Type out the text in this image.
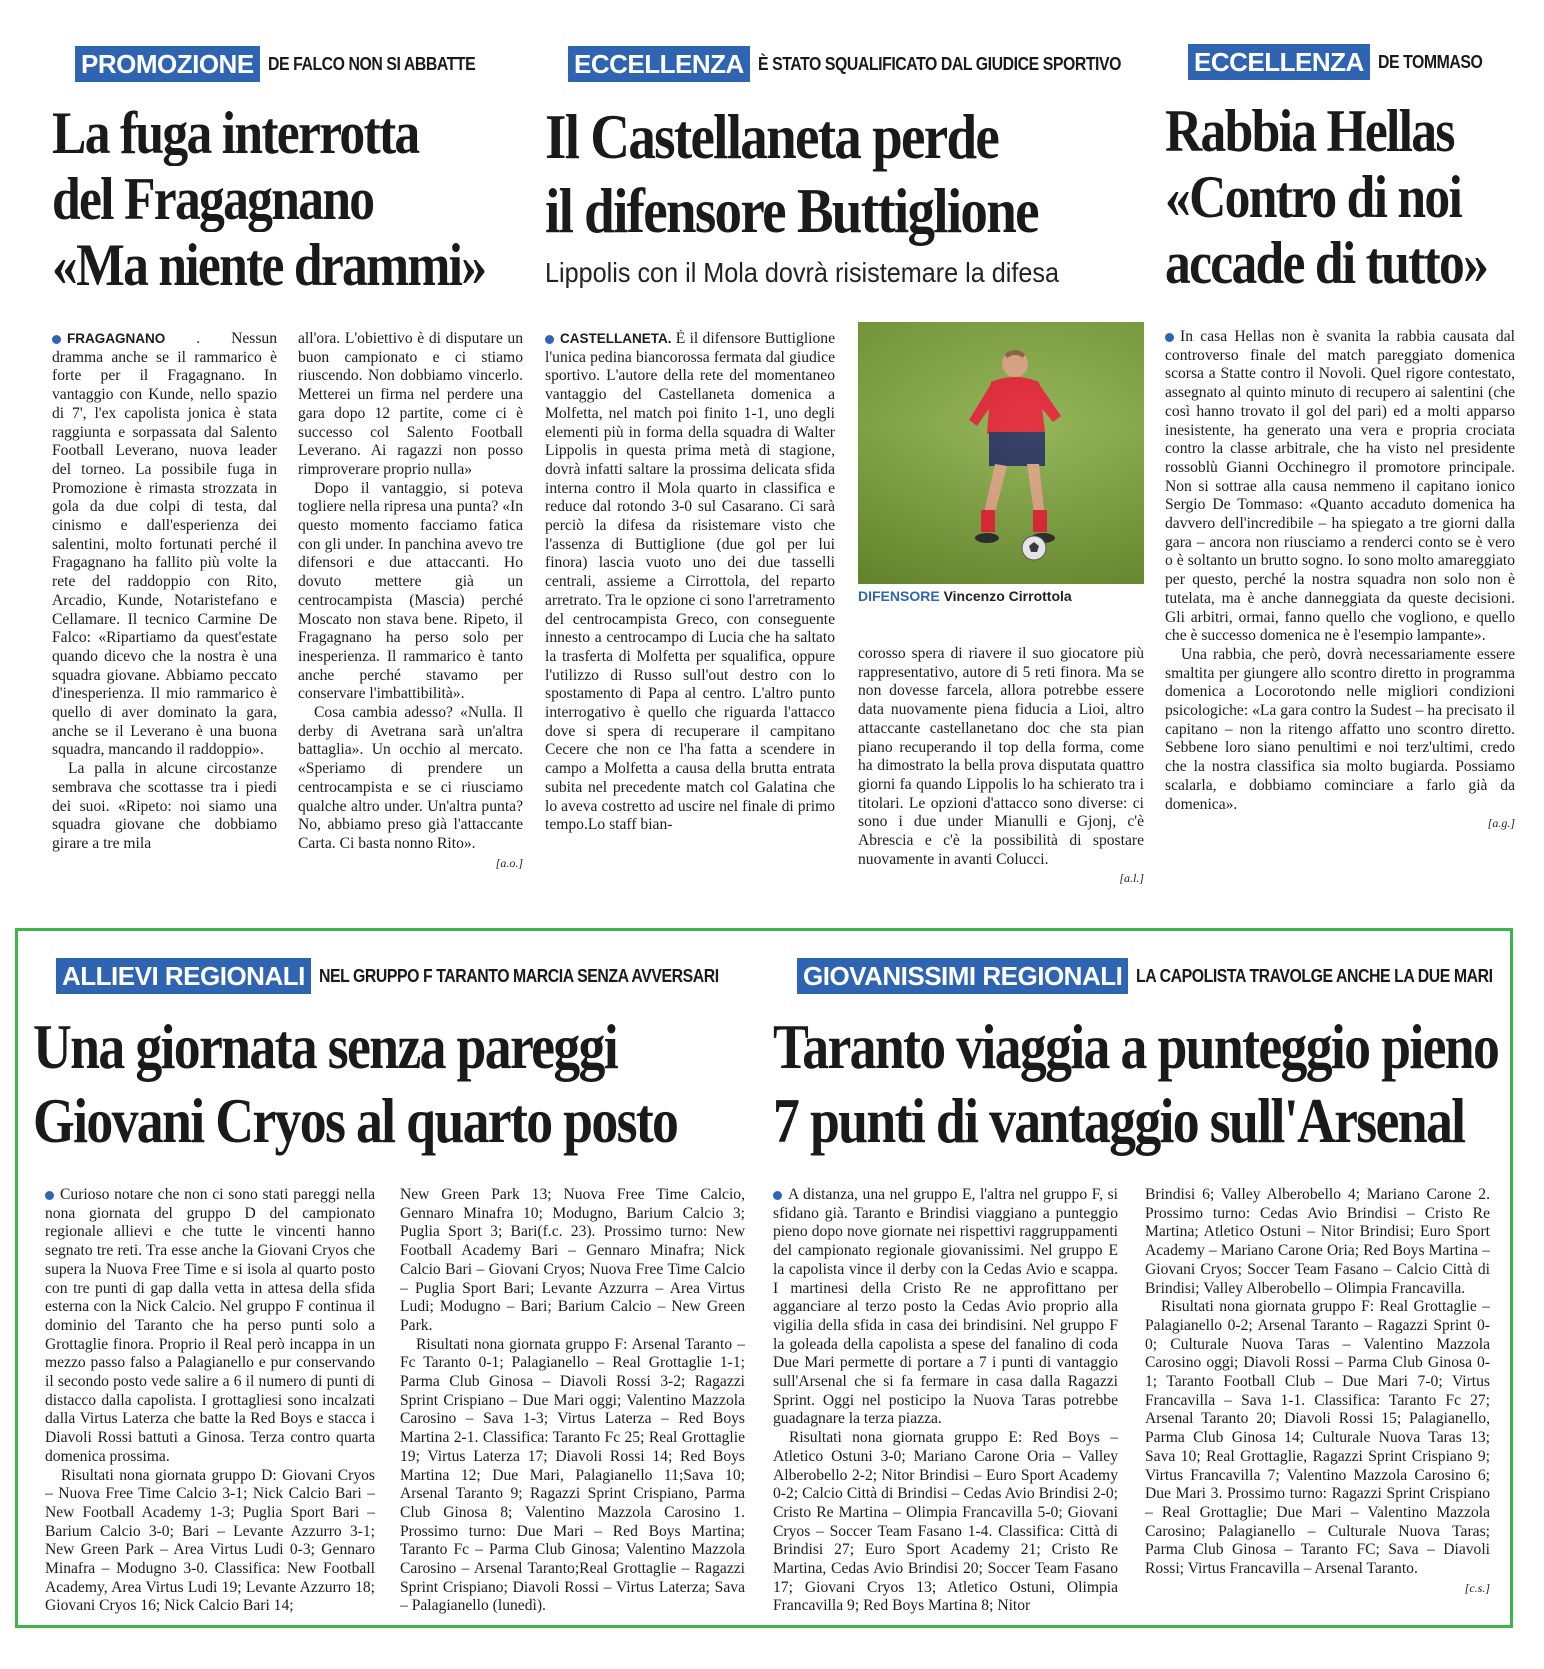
PROMOZIONE DE FALCO NON SI ABBATTE
La fuga interrotta
del Fragagnano
«Ma niente drammi»

FRAGAGNANO . Nessun dramma anche se il rammarico è forte per il Fragagnano. In vantaggio con Kunde, nello spazio di 7', l'ex capolista jonica è stata raggiunta e sorpassata dal Salento Football Leverano, nuova leader del torneo. La possibile fuga in Promozione è rimasta strozzata in gola da due colpi di testa, dal cinismo e dall'esperienza dei salentini, molto fortunati perché il Fragagnano ha fallito più volte la rete del raddoppio con Rito, Arcadio, Kunde, Notaristefano e Cellamare. Il tecnico Carmine De Falco: «Ripartiamo da quest'estate quando dicevo che la nostra è una squadra giovane. Abbiamo peccato d'inesperienza. Il mio rammarico è quello di aver dominato la gara, anche se il Leverano è una buona squadra, mancando il raddoppio».

La palla in alcune circostanze sembrava che scottasse tra i piedi dei suoi. «Ripeto: noi siamo una squadra giovane che dobbiamo girare a tre mila

all'ora. L'obiettivo è di disputare un buon campionato e ci stiamo riuscendo. Non dobbiamo vincerlo. Metterei un firma nel perdere una gara dopo 12 partite, come ci è successo col Salento Football Leverano. Ai ragazzi non posso rimproverare proprio nulla»

Dopo il vantaggio, si poteva togliere nella ripresa una punta? «In questo momento facciamo fatica con gli under. In panchina avevo tre difensori e due attaccanti. Ho dovuto mettere già un centrocampista (Mascia) perché Moscato non stava bene. Ripeto, il Fragagnano ha perso solo per inesperienza. Il rammarico è tanto anche perché stavamo per conservare l'imbattibilità».

Cosa cambia adesso? «Nulla. Il derby di Avetrana sarà un'altra battaglia». Un occhio al mercato. «Speriamo di prendere un centrocampista e se ci riusciamo qualche altro under. Un'altra punta? No, abbiamo preso già l'attaccante Carta. Ci basta nonno Rito».

[a.o.]
ECCELLENZA È STATO SQUALIFICATO DAL GIUDICE SPORTIVO
Il Castellaneta perde
il difensore Buttiglione
Lippolis con il Mola dovrà risistemare la difesa

CASTELLANETA. È il difensore Buttiglione l'unica pedina biancorossa fermata dal giudice sportivo. L'autore della rete del momentaneo vantaggio del Castellaneta domenica a Molfetta, nel match poi finito 1-1, uno degli elementi più in forma della squadra di Walter Lippolis in questa prima metà di stagione, dovrà infatti saltare la prossima delicata sfida interna contro il Mola quarto in classifica e reduce dal rotondo 3-0 sul Casarano. Ci sarà perciò la difesa da risistemare visto che l'assenza di Buttiglione (due gol per lui finora) lascia vuoto uno dei due tasselli centrali, assieme a Cirrottola, del reparto arretrato. Tra le opzione ci sono l'arretramento del centrocampista Greco, con conseguente innesto a centrocampo di Lucia che ha saltato la trasferta di Molfetta per squalifica, oppure l'utilizzo di Russo sull'out destro con lo spostamento di Papa al centro. L'altro punto interrogativo è quello che riguarda l'attacco dove si spera di recuperare il campitano Cecere che non ce l'ha fatta a scendere in campo a Molfetta a causa della brutta entrata subita nel precedente match col Galatina che lo aveva costretto ad uscire nel finale di primo tempo.Lo staff bian-

DIFENSORE Vincenzo Cirrottola

corosso spera di riavere il suo giocatore più rappresentativo, autore di 5 reti finora. Ma se non dovesse farcela, allora potrebbe essere data nuovamente piena fiducia a Lioi, altro attaccante castellanetano doc che sta pian piano recuperando il top della forma, come ha dimostrato la bella prova disputata quattro giorni fa quando Lippolis lo ha schierato tra i titolari. Le opzioni d'attacco sono diverse: ci sono i due under Mianulli e Gjonj, c'è Abrescia e c'è la possibilità di spostare nuovamente in avanti Colucci.

[a.l.]
ECCELLENZA DE TOMMASO
Rabbia Hellas
«Contro di noi
accade di tutto»

In casa Hellas non è svanita la rabbia causata dal controverso finale del match pareggiato domenica scorsa a Statte contro il Novoli. Quel rigore contestato, assegnato al quinto minuto di recupero ai salentini (che così hanno trovato il gol del pari) ed a molti apparso inesistente, ha generato una vera e propria crociata contro la classe arbitrale, che ha visto nel presidente rossoblù Gianni Occhinegro il promotore principale. Non si sottrae alla causa nemmeno il capitano ionico Sergio De Tommaso: «Quanto accaduto domenica ha davvero dell'incredibile – ha spiegato a tre giorni dalla gara – ancora non riusciamo a renderci conto se è vero o è soltanto un brutto sogno. Io sono molto amareggiato per questo, perché la nostra squadra non solo non è tutelata, ma è anche danneggiata da queste decisioni. Gli arbitri, ormai, fanno quello che vogliono, e quello che è successo domenica ne è l'esempio lampante».

Una rabbia, che però, dovrà necessariamente essere smaltita per giungere allo scontro diretto in programma domenica a Locorotondo nelle migliori condizioni psicologiche: «La gara contro la Sudest – ha precisato il capitano – non la ritengo affatto uno scontro diretto. Sebbene loro siano penultimi e noi terz'ultimi, credo che la nostra classifica sia molto bugiarda. Possiamo scalarla, e dobbiamo cominciare a farlo già da domenica».

[a.g.]
ALLIEVI REGIONALI NEL GRUPPO F TARANTO MARCIA SENZA AVVERSARI
Una giornata senza pareggi
Giovani Cryos al quarto posto

Curioso notare che non ci sono stati pareggi nella nona giornata del gruppo D del campionato regionale allievi e che tutte le vincenti hanno segnato tre reti. Tra esse anche la Giovani Cryos che supera la Nuova Free Time e si isola al quarto posto con tre punti di gap dalla vetta in attesa della sfida esterna con la Nick Calcio. Nel gruppo F continua il dominio del Taranto che ha perso punti solo a Grottaglie finora. Proprio il Real però incappa in un mezzo passo falso a Palagianello e pur conservando il secondo posto vede salire a 6 il numero di punti di distacco dalla capolista. I grottagliesi sono incalzati dalla Virtus Laterza che batte la Red Boys e stacca i Diavoli Rossi battuti a Ginosa. Terza contro quarta domenica prossima.

Risultati nona giornata gruppo D: Giovani Cryos – Nuova Free Time Calcio 3-1; Nick Calcio Bari – New Football Academy 1-3; Puglia Sport Bari – Barium Calcio 3-0; Bari – Levante Azzurro 3-1; New Green Park – Area Virtus Ludi 0-3; Gennaro Minafra – Modugno 3-0. Classifica: New Football Academy, Area Virtus Ludi 19; Levante Azzurro 18; Giovani Cryos 16; Nick Calcio Bari 14;

New Green Park 13; Nuova Free Time Calcio, Gennaro Minafra 10; Modugno, Barium Calcio 3; Puglia Sport 3; Bari(f.c. 23). Prossimo turno: New Football Academy Bari – Gennaro Minafra; Nick Calcio Bari – Giovani Cryos; Nuova Free Time Calcio – Puglia Sport Bari; Levante Azzurra – Area Virtus Ludi; Modugno – Bari; Barium Calcio – New Green Park.

Risultati nona giornata gruppo F: Arsenal Taranto – Fc Taranto 0-1; Palagianello – Real Grottaglie 1-1; Parma Club Ginosa – Diavoli Rossi 3-2; Ragazzi Sprint Crispiano – Due Mari oggi; Valentino Mazzola Carosino – Sava 1-3; Virtus Laterza – Red Boys Martina 2-1. Classifica: Taranto Fc 25; Real Grottaglie 19; Virtus Laterza 17; Diavoli Rossi 14; Red Boys Martina 12; Due Mari, Palagianello 11;Sava 10; Arsenal Taranto 9; Ragazzi Sprint Crispiano, Parma Club Ginosa 8; Valentino Mazzola Carosino 1. Prossimo turno: Due Mari – Red Boys Martina; Taranto Fc – Parma Club Ginosa; Valentino Mazzola Carosino – Arsenal Taranto;Real Grottaglie – Ragazzi Sprint Crispiano; Diavoli Rossi – Virtus Laterza; Sava – Palagianello (lunedì).

GIOVANISSIMI REGIONALI LA CAPOLISTA TRAVOLGE ANCHE LA DUE MARI
Taranto viaggia a punteggio pieno
7 punti di vantaggio sull'Arsenal

A distanza, una nel gruppo E, l'altra nel gruppo F, si sfidano già. Taranto e Brindisi viaggiano a punteggio pieno dopo nove giornate nei rispettivi raggruppamenti del campionato regionale giovanissimi. Nel gruppo E la capolista vince il derby con la Cedas Avio e scappa. I martinesi della Cristo Re ne approfittano per agganciare al terzo posto la Cedas Avio proprio alla vigilia della sfida in casa dei brindisini. Nel gruppo F la goleada della capolista a spese del fanalino di coda Due Mari permette di portare a 7 i punti di vantaggio sull'Arsenal che si fa fermare in casa dalla Ragazzi Sprint. Oggi nel posticipo la Nuova Taras potrebbe guadagnare la terza piazza.

Risultati nona giornata gruppo E: Red Boys – Atletico Ostuni 3-0; Mariano Carone Oria – Valley Alberobello 2-2; Nitor Brindisi – Euro Sport Academy 0-2; Calcio Città di Brindisi – Cedas Avio Brindisi 2-0; Cristo Re Martina – Olimpia Francavilla 5-0; Giovani Cryos – Soccer Team Fasano 1-4. Classifica: Città di Brindisi 27; Euro Sport Academy 21; Cristo Re Martina, Cedas Avio Brindisi 20; Soccer Team Fasano 17; Giovani Cryos 13; Atletico Ostuni, Olimpia Francavilla 9; Red Boys Martina 8; Nitor

Brindisi 6; Valley Alberobello 4; Mariano Carone 2. Prossimo turno: Cedas Avio Brindisi – Cristo Re Martina; Atletico Ostuni – Nitor Brindisi; Euro Sport Academy – Mariano Carone Oria; Red Boys Martina – Giovani Cryos; Soccer Team Fasano – Calcio Città di Brindisi; Valley Alberobello – Olimpia Francavilla.

Risultati nona giornata gruppo F: Real Grottaglie – Palagianello 0-2; Arsenal Taranto – Ragazzi Sprint 0-0; Culturale Nuova Taras – Valentino Mazzola Carosino oggi; Diavoli Rossi – Parma Club Ginosa 0-1; Taranto Football Club – Due Mari 7-0; Virtus Francavilla – Sava 1-1. Classifica: Taranto Fc 27; Arsenal Taranto 20; Diavoli Rossi 15; Palagianello, Parma Club Ginosa 14; Culturale Nuova Taras 13; Sava 10; Real Grottaglie, Ragazzi Sprint Crispiano 9; Virtus Francavilla 7; Valentino Mazzola Carosino 6; Due Mari 3. Prossimo turno: Ragazzi Sprint Crispiano – Real Grottaglie; Due Mari – Valentino Mazzola Carosino; Palagianello – Culturale Nuova Taras; Parma Club Ginosa – Taranto FC; Sava – Diavoli Rossi; Virtus Francavilla – Arsenal Taranto.

[c.s.]
